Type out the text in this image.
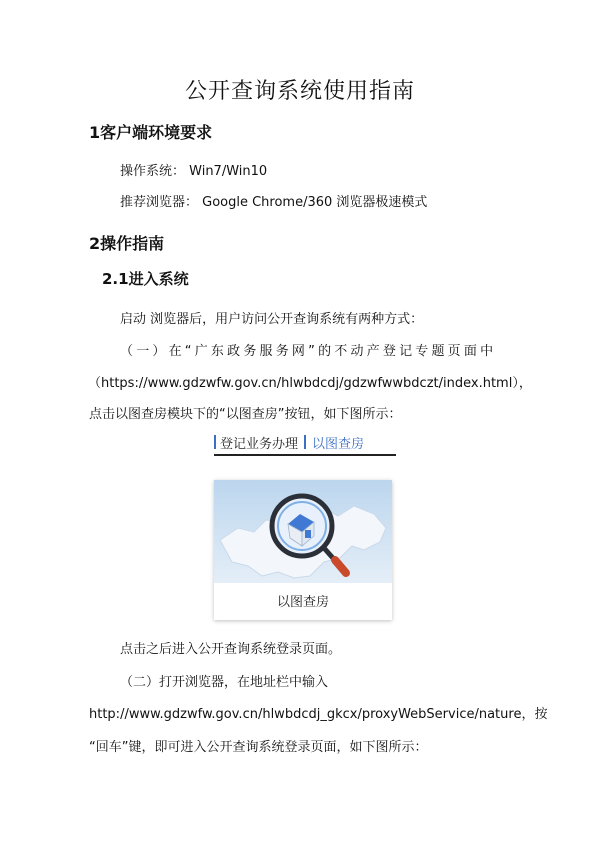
公开查询系统使用指南
1客户端环境要求
操作系统： Win7/Win10
推荐浏览器： Google Chrome/360 浏览器极速模式
2操作指南
2.1进入系统
启动 浏览器后，用户访问公开查询系统有两种方式：
（一）在“广东政务服务网”的不动产登记专题页面中
（https://www.gdzwfw.gov.cn/hlwbdcdj/gdzwfwwbdczt/index.html），
点击以图查房模块下的“以图查房”按钮，如下图所示：
登记业务办理 以图查房
以图查房
点击之后进入公开查询系统登录页面。
（二）打开浏览器，在地址栏中输入
http://www.gdzwfw.gov.cn/hlwbdcdj_gkcx/proxyWebService/nature，按
“回车”键，即可进入公开查询系统登录页面，如下图所示：
